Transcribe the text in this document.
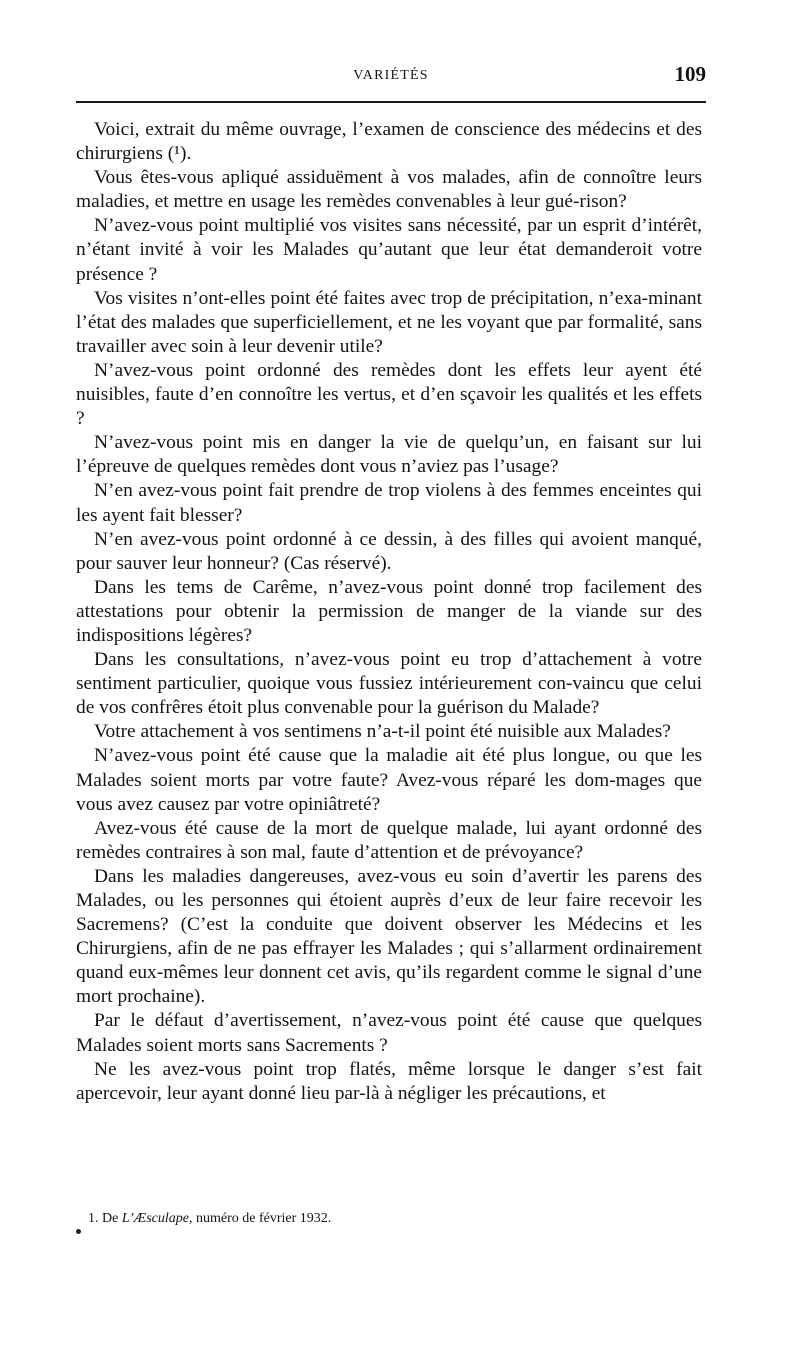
VARIÉTÉS	109

Voici, extrait du même ouvrage, l’examen de conscience des médecins et des chirurgiens (¹).

Vous êtes-vous apliqué assiduëment à vos malades, afin de connoître leurs maladies, et mettre en usage les remèdes convenables à leur gué-rison?

N’avez-vous point multiplié vos visites sans nécessité, par un esprit d’intérêt, n’étant invité à voir les Malades qu’autant que leur état demanderoit votre présence ?

Vos visites n’ont-elles point été faites avec trop de précipitation, n’exa-minant l’état des malades que superficiellement, et ne les voyant que par formalité, sans travailler avec soin à leur devenir utile?

N’avez-vous point ordonné des remèdes dont les effets leur ayent été nuisibles, faute d’en connoître les vertus, et d’en sçavoir les qualités et les effets ?

N’avez-vous point mis en danger la vie de quelqu’un, en faisant sur lui l’épreuve de quelques remèdes dont vous n’aviez pas l’usage?

N’en avez-vous point fait prendre de trop violens à des femmes enceintes qui les ayent fait blesser?

N’en avez-vous point ordonné à ce dessin, à des filles qui avoient manqué, pour sauver leur honneur? (Cas réservé).

Dans les tems de Carême, n’avez-vous point donné trop facilement des attestations pour obtenir la permission de manger de la viande sur des indispositions légères?

Dans les consultations, n’avez-vous point eu trop d’attachement à votre sentiment particulier, quoique vous fussiez intérieurement con-vaincu que celui de vos confrêres étoit plus convenable pour la guérison du Malade?

Votre attachement à vos sentimens n’a-t-il point été nuisible aux Malades?

N’avez-vous point été cause que la maladie ait été plus longue, ou que les Malades soient morts par votre faute? Avez-vous réparé les dom-mages que vous avez causez par votre opiniâtreté?

Avez-vous été cause de la mort de quelque malade, lui ayant ordonné des remèdes contraires à son mal, faute d’attention et de prévoyance?

Dans les maladies dangereuses, avez-vous eu soin d’avertir les parens des Malades, ou les personnes qui étoient auprès d’eux de leur faire recevoir les Sacremens? (C’est la conduite que doivent observer les Médecins et les Chirurgiens, afin de ne pas effrayer les Malades ; qui s’allarment ordinairement quand eux-mêmes leur donnent cet avis, qu’ils regardent comme le signal d’une mort prochaine).

Par le défaut d’avertissement, n’avez-vous point été cause que quelques Malades soient morts sans Sacrements ?

Ne les avez-vous point trop flatés, même lorsque le danger s’est fait apercevoir, leur ayant donné lieu par-là à négliger les précautions, et

1. De L’Æsculape, numéro de février 1932.
